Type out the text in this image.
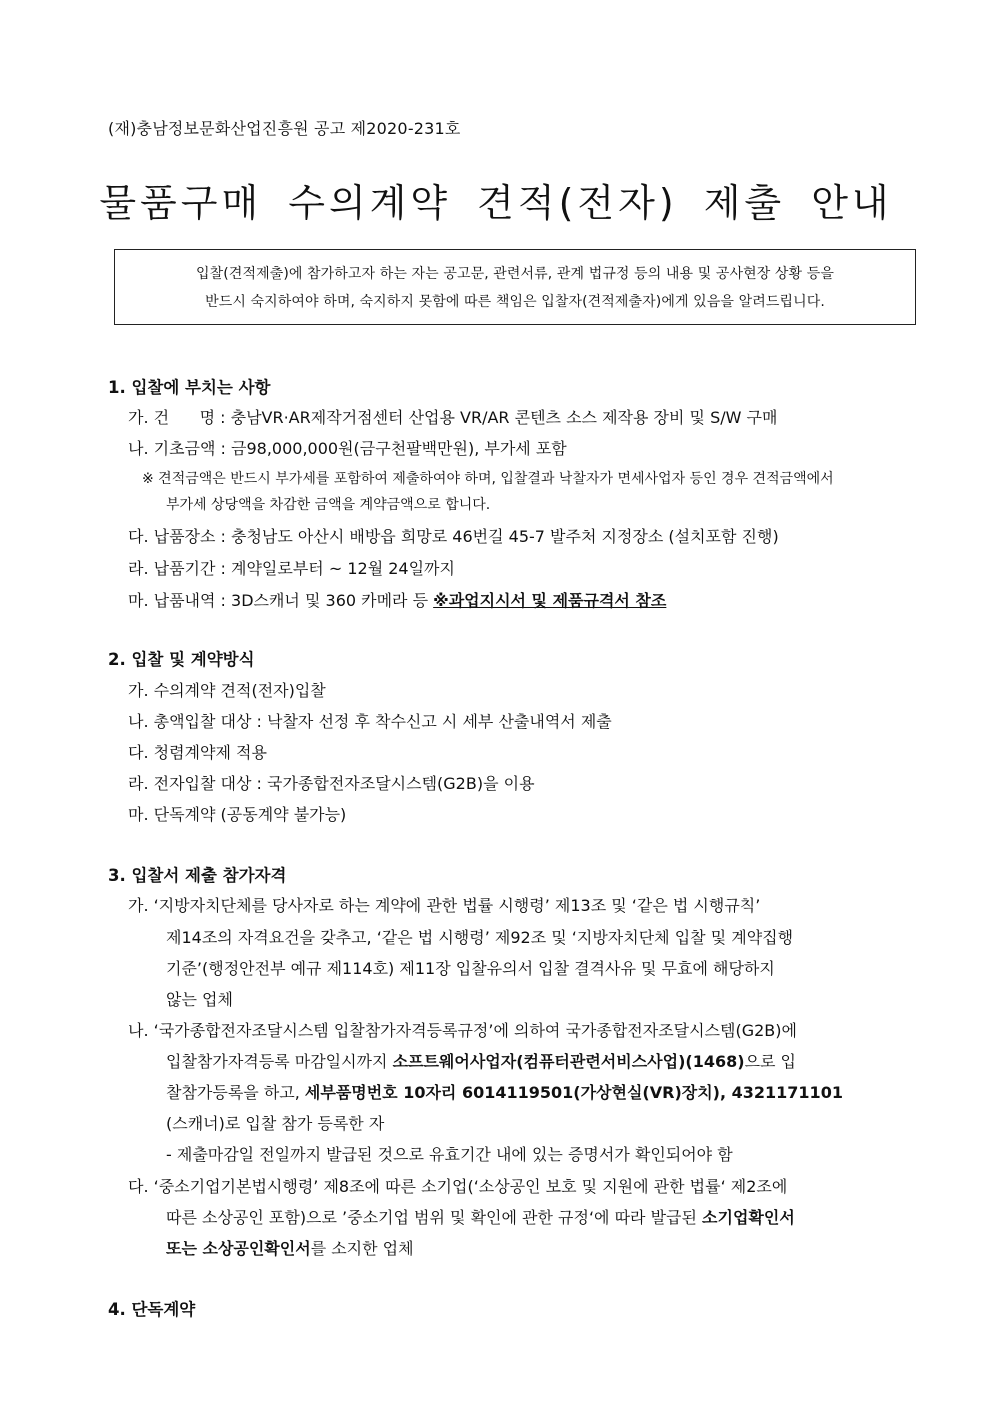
(재)충남정보문화산업진흥원 공고 제2020-231호
물품구매 수의계약 견적(전자) 제출 안내
입찰(견적제출)에 참가하고자 하는 자는 공고문, 관련서류, 관계 법규정 등의 내용 및 공사현장 상황 등을
반드시 숙지하여야 하며, 숙지하지 못함에 따른 책임은 입찰자(견적제출자)에게 있음을 알려드립니다.
1. 입찰에 부치는 사항
가. 건      명 : 충남VR·AR제작거점센터 산업용 VR/AR 콘텐츠 소스 제작용 장비 및 S/W 구매
나. 기초금액 : 금98,000,000원(금구천팔백만원), 부가세 포함
※ 견적금액은 반드시 부가세를 포함하여 제출하여야 하며, 입찰결과 낙찰자가 면세사업자 등인 경우 견적금액에서
부가세 상당액을 차감한 금액을 계약금액으로 합니다.
다. 납품장소 : 충청남도 아산시 배방읍 희망로 46번길 45-7 발주처 지정장소 (설치포함 진행)
라. 납품기간 : 계약일로부터 ~ 12월 24일까지
마. 납품내역 : 3D스캐너 및 360 카메라 등 ※과업지시서 및 제품규격서 참조
2. 입찰 및 계약방식
가. 수의계약 견적(전자)입찰
나. 총액입찰 대상 : 낙찰자 선정 후 착수신고 시 세부 산출내역서 제출
다. 청렴계약제 적용
라. 전자입찰 대상 : 국가종합전자조달시스템(G2B)을 이용
마. 단독계약 (공동계약 불가능)
3. 입찰서 제출 참가자격
가. ‘지방자치단체를 당사자로 하는 계약에 관한 법률 시행령’ 제13조 및 ‘같은 법 시행규칙’
제14조의 자격요건을 갖추고, ‘같은 법 시행령’ 제92조 및 ‘지방자치단체 입찰 및 계약집행
기준’(행정안전부 예규 제114호) 제11장 입찰유의서 입찰 결격사유 및 무효에 해당하지
않는 업체
나. ‘국가종합전자조달시스템 입찰참가자격등록규정’에 의하여 국가종합전자조달시스템(G2B)에
입찰참가자격등록 마감일시까지 소프트웨어사업자(컴퓨터관련서비스사업)(1468)으로 입
찰참가등록을 하고, 세부품명번호 10자리 6014119501(가상현실(VR)장치), 4321171101
(스캐너)로 입찰 참가 등록한 자
- 제출마감일 전일까지 발급된 것으로 유효기간 내에 있는 증명서가 확인되어야 함
다. ‘중소기업기본법시행령’ 제8조에 따른 소기업(‘소상공인 보호 및 지원에 관한 법률‘ 제2조에
따른 소상공인 포함)으로 ’중소기업 범위 및 확인에 관한 규정‘에 따라 발급된 소기업확인서
또는 소상공인확인서를 소지한 업체
4. 단독계약
